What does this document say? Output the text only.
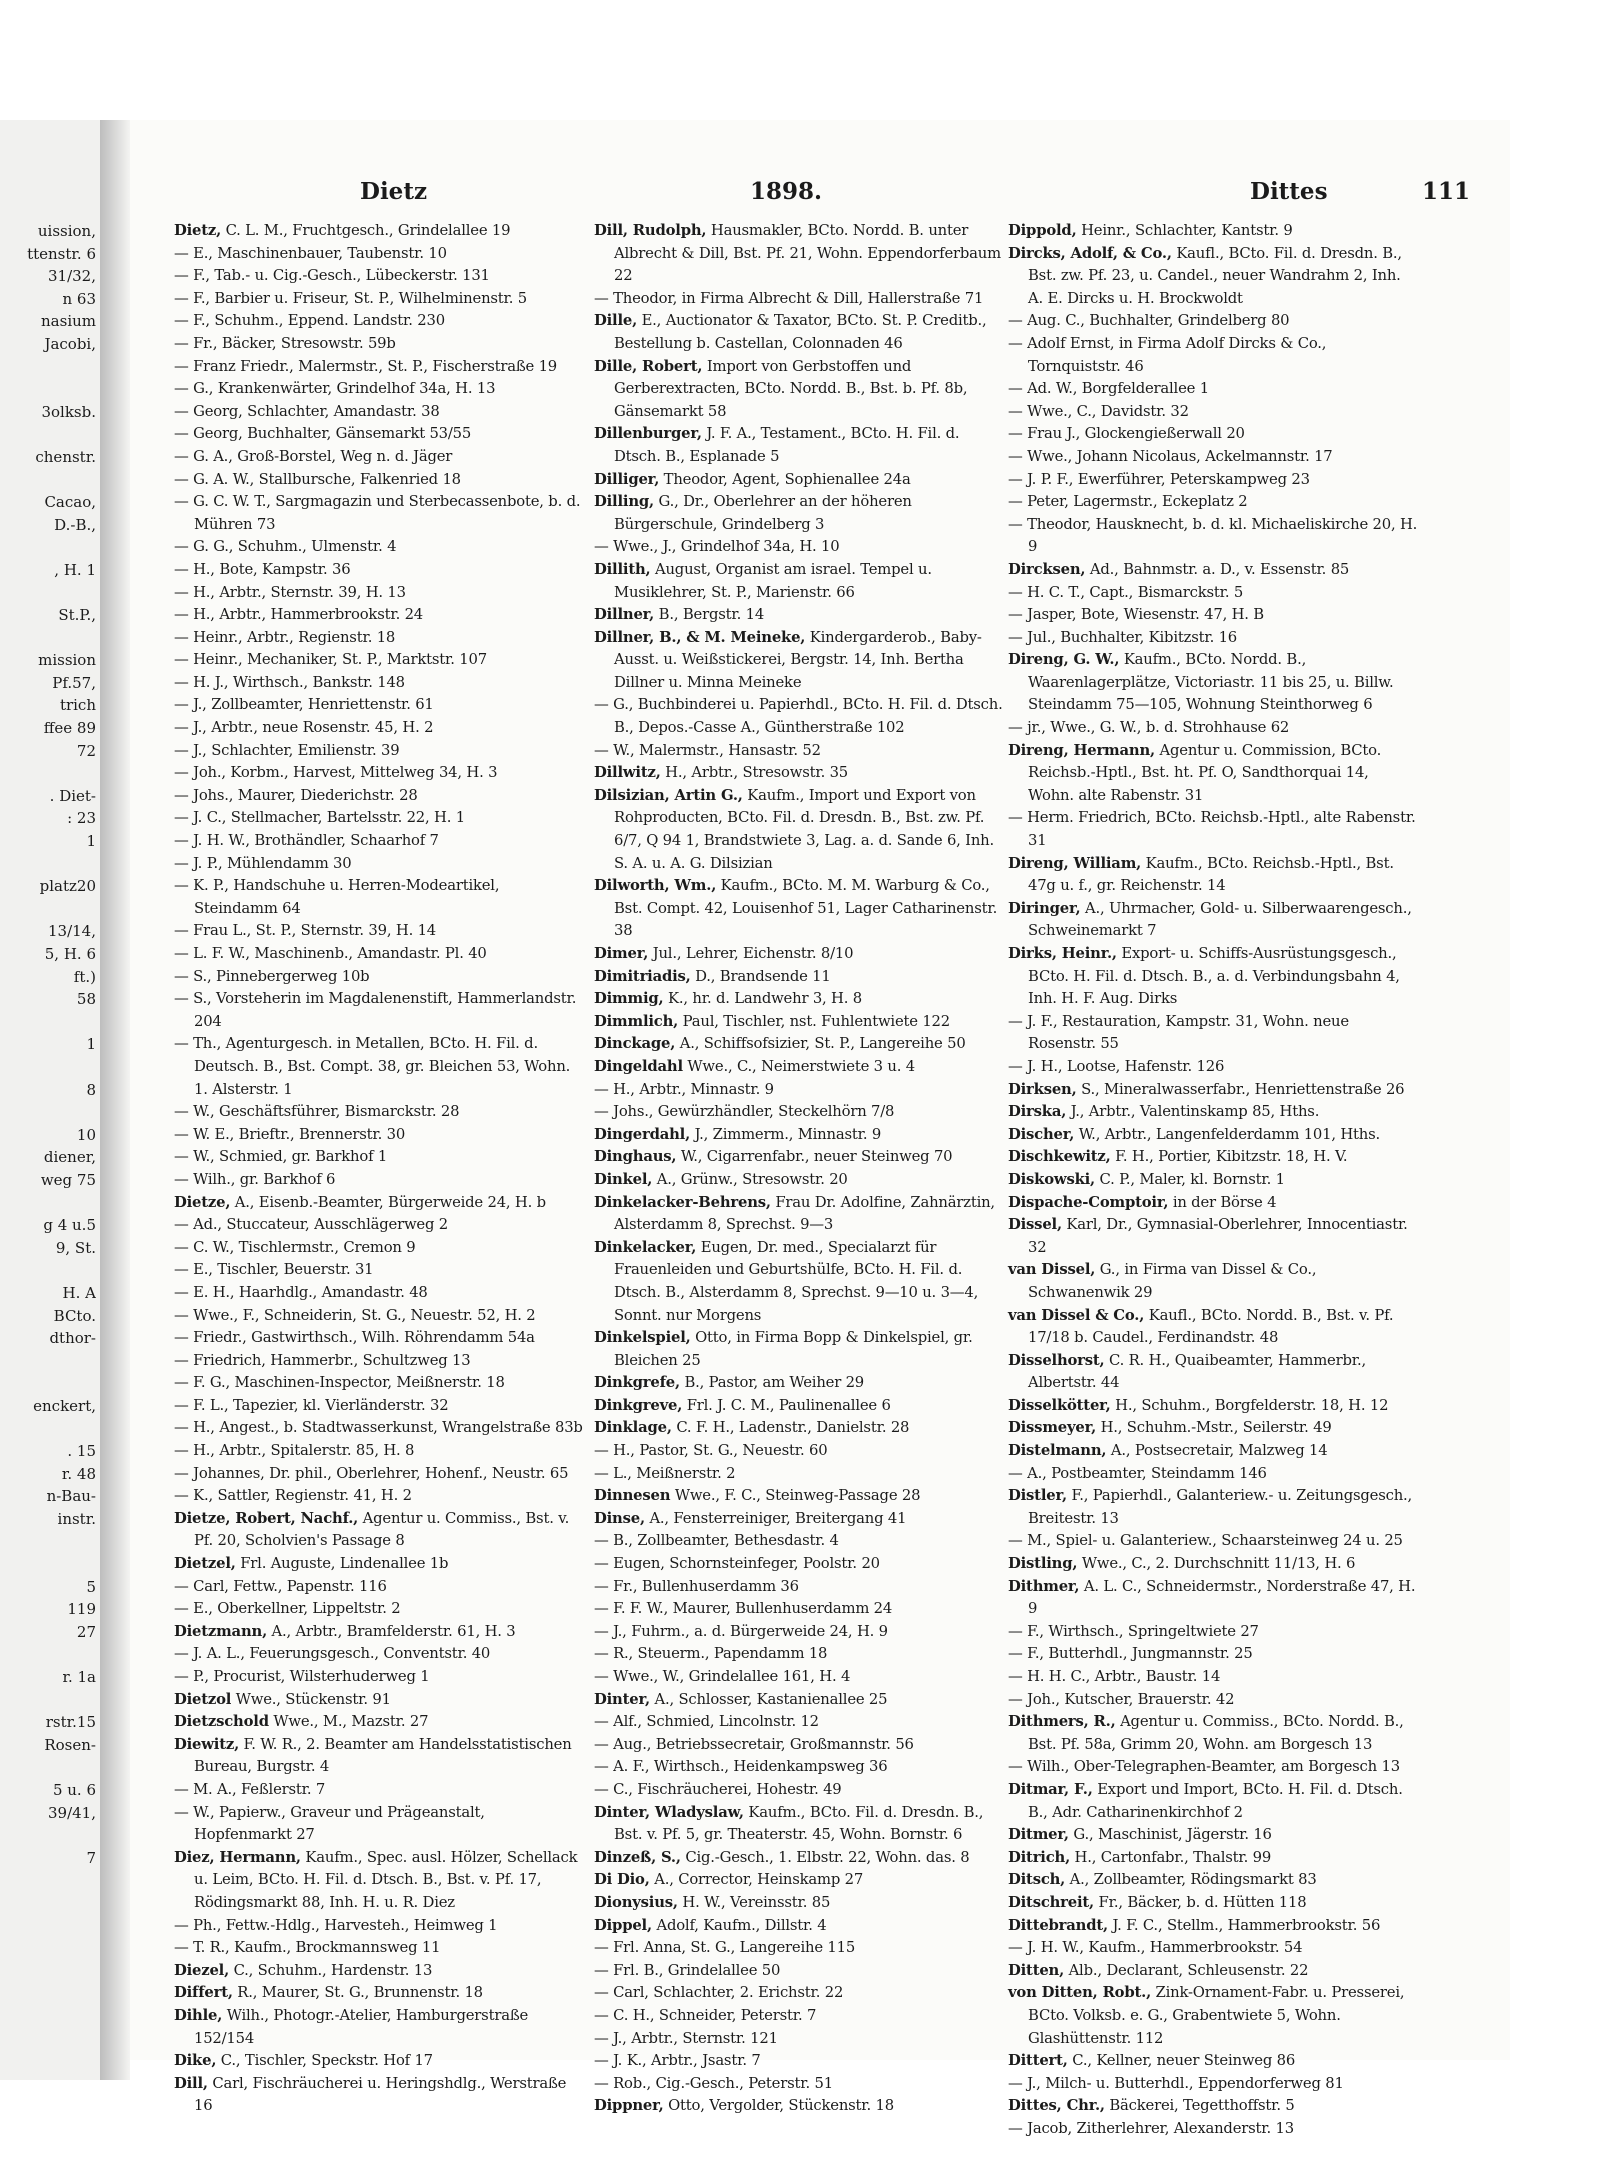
uission,
ttenstr. 6
31/32,
n 63
nasium
Jacobi,
3olksb.
chenstr.
Cacao,
D.-B.,
, H. 1
St.P.,
mission
Pf.57,
trich
ffee 89
72
. Diet-
: 23
1
platz20
13/14,
5, H. 6
ft.)
58
1
8
10
diener,
weg 75
g 4 u.5
9, St.
H. A
BCto.
dthor-
enckert,
. 15
r. 48
n-Bau-
instr.
5
119
27
r. 1a
rstr.15
Rosen-
5 u. 6
39/41,
7
Dietz	1898.	Dittes	111

Dietz, C. L. M., Fruchtgesch., Grindelallee 19

— E., Maschinenbauer, Taubenstr. 10

— F., Tab.- u. Cig.-Gesch., Lübeckerstr. 131

— F., Barbier u. Friseur, St. P., Wilhelminenstr. 5

— F., Schuhm., Eppend. Landstr. 230

— Fr., Bäcker, Stresowstr. 59b

— Franz Friedr., Malermstr., St. P., Fischerstraße 19

— G., Krankenwärter, Grindelhof 34a, H. 13

— Georg, Schlachter, Amandastr. 38

— Georg, Buchhalter, Gänsemarkt 53/55

— G. A., Groß-Borstel, Weg n. d. Jäger

— G. A. W., Stallbursche, Falkenried 18

— G. C. W. T., Sargmagazin und Sterbecassenbote, b. d. Mühren 73

— G. G., Schuhm., Ulmenstr. 4

— H., Bote, Kampstr. 36

— H., Arbtr., Sternstr. 39, H. 13

— H., Arbtr., Hammerbrookstr. 24

— Heinr., Arbtr., Regienstr. 18

— Heinr., Mechaniker, St. P., Marktstr. 107

— H. J., Wirthsch., Bankstr. 148

— J., Zollbeamter, Henriettenstr. 61

— J., Arbtr., neue Rosenstr. 45, H. 2

— J., Schlachter, Emilienstr. 39

— Joh., Korbm., Harvest, Mittelweg 34, H. 3

— Johs., Maurer, Diederichstr. 28

— J. C., Stellmacher, Bartelsstr. 22, H. 1

— J. H. W., Brothändler, Schaarhof 7

— J. P., Mühlendamm 30

— K. P., Handschuhe u. Herren-Modeartikel, Steindamm 64

— Frau L., St. P., Sternstr. 39, H. 14

— L. F. W., Maschinenb., Amandastr. Pl. 40

— S., Pinnebergerweg 10b

— S., Vorsteherin im Magdalenenstift, Hammerlandstr. 204

— Th., Agenturgesch. in Metallen, BCto. H. Fil. d. Deutsch. B., Bst. Compt. 38, gr. Bleichen 53, Wohn. 1. Alsterstr. 1

— W., Geschäftsführer, Bismarckstr. 28

— W. E., Brieftr., Brennerstr. 30

— W., Schmied, gr. Barkhof 1

— Wilh., gr. Barkhof 6

Dietze, A., Eisenb.-Beamter, Bürgerweide 24, H. b

— Ad., Stuccateur, Ausschlägerweg 2

— C. W., Tischlermstr., Cremon 9

— E., Tischler, Beuerstr. 31

— E. H., Haarhdlg., Amandastr. 48

— Wwe., F., Schneiderin, St. G., Neuestr. 52, H. 2

— Friedr., Gastwirthsch., Wilh. Röhrendamm 54a

— Friedrich, Hammerbr., Schultzweg 13

— F. G., Maschinen-Inspector, Meißnerstr. 18

— F. L., Tapezier, kl. Vierländerstr. 32

— H., Angest., b. Stadtwasserkunst, Wrangelstraße 83b

— H., Arbtr., Spitalerstr. 85, H. 8

— Johannes, Dr. phil., Oberlehrer, Hohenf., Neustr. 65

— K., Sattler, Regienstr. 41, H. 2

Dietze, Robert, Nachf., Agentur u. Commiss., Bst. v. Pf. 20, Scholvien's Passage 8

Dietzel, Frl. Auguste, Lindenallee 1b

— Carl, Fettw., Papenstr. 116

— E., Oberkellner, Lippeltstr. 2

Dietzmann, A., Arbtr., Bramfelderstr. 61, H. 3

— J. A. L., Feuerungsgesch., Conventstr. 40

— P., Procurist, Wilsterhuderweg 1

Dietzol Wwe., Stückenstr. 91

Dietzschold Wwe., M., Mazstr. 27

Diewitz, F. W. R., 2. Beamter am Handelsstatistischen Bureau, Burgstr. 4

— M. A., Feßlerstr. 7

— W., Papierw., Graveur und Prägeanstalt, Hopfenmarkt 27

Diez, Hermann, Kaufm., Spec. ausl. Hölzer, Schellack u. Leim, BCto. H. Fil. d. Dtsch. B., Bst. v. Pf. 17, Rödingsmarkt 88, Inh. H. u. R. Diez

— Ph., Fettw.-Hdlg., Harvesteh., Heimweg 1

— T. R., Kaufm., Brockmannsweg 11

Diezel, C., Schuhm., Hardenstr. 13

Differt, R., Maurer, St. G., Brunnenstr. 18

Dihle, Wilh., Photogr.-Atelier, Hamburgerstraße 152/154

Dike, C., Tischler, Speckstr. Hof 17

Dill, Carl, Fischräucherei u. Heringshdlg., Werstraße 16

Dill, Rudolph, Hausmakler, BCto. Nordd. B. unter Albrecht & Dill, Bst. Pf. 21, Wohn. Eppendorferbaum 22

— Theodor, in Firma Albrecht & Dill, Hallerstraße 71

Dille, E., Auctionator & Taxator, BCto. St. P. Creditb., Bestellung b. Castellan, Colonnaden 46

Dille, Robert, Import von Gerbstoffen und Gerberextracten, BCto. Nordd. B., Bst. b. Pf. 8b, Gänsemarkt 58

Dillenburger, J. F. A., Testament., BCto. H. Fil. d. Dtsch. B., Esplanade 5

Dilliger, Theodor, Agent, Sophienallee 24a

Dilling, G., Dr., Oberlehrer an der höheren Bürgerschule, Grindelberg 3

— Wwe., J., Grindelhof 34a, H. 10

Dillith, August, Organist am israel. Tempel u. Musiklehrer, St. P., Marienstr. 66

Dillner, B., Bergstr. 14

Dillner, B., & M. Meineke, Kindergarderob., Baby-Ausst. u. Weißstickerei, Bergstr. 14, Inh. Bertha Dillner u. Minna Meineke

— G., Buchbinderei u. Papierhdl., BCto. H. Fil. d. Dtsch. B., Depos.-Casse A., Güntherstraße 102

— W., Malermstr., Hansastr. 52

Dillwitz, H., Arbtr., Stresowstr. 35

Dilsizian, Artin G., Kaufm., Import und Export von Rohproducten, BCto. Fil. d. Dresdn. B., Bst. zw. Pf. 6/7, Q 94 1, Brandstwiete 3, Lag. a. d. Sande 6, Inh. S. A. u. A. G. Dilsizian

Dilworth, Wm., Kaufm., BCto. M. M. Warburg & Co., Bst. Compt. 42, Louisenhof 51, Lager Catharinenstr. 38

Dimer, Jul., Lehrer, Eichenstr. 8/10

Dimitriadis, D., Brandsende 11

Dimmig, K., hr. d. Landwehr 3, H. 8

Dimmlich, Paul, Tischler, nst. Fuhlentwiete 122

Dinckage, A., Schiffsofsizier, St. P., Langereihe 50

Dingeldahl Wwe., C., Neimerstwiete 3 u. 4

— H., Arbtr., Minnastr. 9

— Johs., Gewürzhändler, Steckelhörn 7/8

Dingerdahl, J., Zimmerm., Minnastr. 9

Dinghaus, W., Cigarrenfabr., neuer Steinweg 70

Dinkel, A., Grünw., Stresowstr. 20

Dinkelacker-Behrens, Frau Dr. Adolfine, Zahnärztin, Alsterdamm 8, Sprechst. 9—3

Dinkelacker, Eugen, Dr. med., Specialarzt für Frauenleiden und Geburtshülfe, BCto. H. Fil. d. Dtsch. B., Alsterdamm 8, Sprechst. 9—10 u. 3—4, Sonnt. nur Morgens

Dinkelspiel, Otto, in Firma Bopp & Dinkelspiel, gr. Bleichen 25

Dinkgrefe, B., Pastor, am Weiher 29

Dinkgreve, Frl. J. C. M., Paulinenallee 6

Dinklage, C. F. H., Ladenstr., Danielstr. 28

— H., Pastor, St. G., Neuestr. 60

— L., Meißnerstr. 2

Dinnesen Wwe., F. C., Steinweg-Passage 28

Dinse, A., Fensterreiniger, Breitergang 41

— B., Zollbeamter, Bethesdastr. 4

— Eugen, Schornsteinfeger, Poolstr. 20

— Fr., Bullenhuserdamm 36

— F. F. W., Maurer, Bullenhuserdamm 24

— J., Fuhrm., a. d. Bürgerweide 24, H. 9

— R., Steuerm., Papendamm 18

— Wwe., W., Grindelallee 161, H. 4

Dinter, A., Schlosser, Kastanienallee 25

— Alf., Schmied, Lincolnstr. 12

— Aug., Betriebssecretair, Großmannstr. 56

— A. F., Wirthsch., Heidenkampsweg 36

— C., Fischräucherei, Hohestr. 49

Dinter, Wladyslaw, Kaufm., BCto. Fil. d. Dresdn. B., Bst. v. Pf. 5, gr. Theaterstr. 45, Wohn. Bornstr. 6

Dinzeß, S., Cig.-Gesch., 1. Elbstr. 22, Wohn. das. 8

Di Dio, A., Corrector, Heinskamp 27

Dionysius, H. W., Vereinsstr. 85

Dippel, Adolf, Kaufm., Dillstr. 4

— Frl. Anna, St. G., Langereihe 115

— Frl. B., Grindelallee 50

— Carl, Schlachter, 2. Erichstr. 22

— C. H., Schneider, Peterstr. 7

— J., Arbtr., Sternstr. 121

— J. K., Arbtr., Jsastr. 7

— Rob., Cig.-Gesch., Peterstr. 51

Dippner, Otto, Vergolder, Stückenstr. 18

Dippold, Heinr., Schlachter, Kantstr. 9

Dircks, Adolf, & Co., Kaufl., BCto. Fil. d. Dresdn. B., Bst. zw. Pf. 23, u. Candel., neuer Wandrahm 2, Inh. A. E. Dircks u. H. Brockwoldt

— Aug. C., Buchhalter, Grindelberg 80

— Adolf Ernst, in Firma Adolf Dircks & Co., Tornquiststr. 46

— Ad. W., Borgfelderallee 1

— Wwe., C., Davidstr. 32

— Frau J., Glockengießerwall 20

— Wwe., Johann Nicolaus, Ackelmannstr. 17

— J. P. F., Ewerführer, Peterskampweg 23

— Peter, Lagermstr., Eckeplatz 2

— Theodor, Hausknecht, b. d. kl. Michaeliskirche 20, H. 9

Dircksen, Ad., Bahnmstr. a. D., v. Essenstr. 85

— H. C. T., Capt., Bismarckstr. 5

— Jasper, Bote, Wiesenstr. 47, H. B

— Jul., Buchhalter, Kibitzstr. 16

Direng, G. W., Kaufm., BCto. Nordd. B., Waarenlagerplätze, Victoriastr. 11 bis 25, u. Billw. Steindamm 75—105, Wohnung Steinthorweg 6

— jr., Wwe., G. W., b. d. Strohhause 62

Direng, Hermann, Agentur u. Commission, BCto. Reichsb.-Hptl., Bst. ht. Pf. O, Sandthorquai 14, Wohn. alte Rabenstr. 31

— Herm. Friedrich, BCto. Reichsb.-Hptl., alte Rabenstr. 31

Direng, William, Kaufm., BCto. Reichsb.-Hptl., Bst. 47g u. f., gr. Reichenstr. 14

Diringer, A., Uhrmacher, Gold- u. Silberwaarengesch., Schweinemarkt 7

Dirks, Heinr., Export- u. Schiffs-Ausrüstungsgesch., BCto. H. Fil. d. Dtsch. B., a. d. Verbindungsbahn 4, Inh. H. F. Aug. Dirks

— J. F., Restauration, Kampstr. 31, Wohn. neue Rosenstr. 55

— J. H., Lootse, Hafenstr. 126

Dirksen, S., Mineralwasserfabr., Henriettenstraße 26

Dirska, J., Arbtr., Valentinskamp 85, Hths.

Discher, W., Arbtr., Langenfelderdamm 101, Hths.

Dischkewitz, F. H., Portier, Kibitzstr. 18, H. V.

Diskowski, C. P., Maler, kl. Bornstr. 1

Dispache-Comptoir, in der Börse 4

Dissel, Karl, Dr., Gymnasial-Oberlehrer, Innocentiastr. 32

van Dissel, G., in Firma van Dissel & Co., Schwanenwik 29

van Dissel & Co., Kaufl., BCto. Nordd. B., Bst. v. Pf. 17/18 b. Caudel., Ferdinandstr. 48

Disselhorst, C. R. H., Quaibeamter, Hammerbr., Albertstr. 44

Disselkötter, H., Schuhm., Borgfelderstr. 18, H. 12

Dissmeyer, H., Schuhm.-Mstr., Seilerstr. 49

Distelmann, A., Postsecretair, Malzweg 14

— A., Postbeamter, Steindamm 146

Distler, F., Papierhdl., Galanteriew.- u. Zeitungsgesch., Breitestr. 13

— M., Spiel- u. Galanteriew., Schaarsteinweg 24 u. 25

Distling, Wwe., C., 2. Durchschnitt 11/13, H. 6

Dithmer, A. L. C., Schneidermstr., Norderstraße 47, H. 9

— F., Wirthsch., Springeltwiete 27

— F., Butterhdl., Jungmannstr. 25

— H. H. C., Arbtr., Baustr. 14

— Joh., Kutscher, Brauerstr. 42

Dithmers, R., Agentur u. Commiss., BCto. Nordd. B., Bst. Pf. 58a, Grimm 20, Wohn. am Borgesch 13

— Wilh., Ober-Telegraphen-Beamter, am Borgesch 13

Ditmar, F., Export und Import, BCto. H. Fil. d. Dtsch. B., Adr. Catharinenkirchhof 2

Ditmer, G., Maschinist, Jägerstr. 16

Ditrich, H., Cartonfabr., Thalstr. 99

Ditsch, A., Zollbeamter, Rödingsmarkt 83

Ditschreit, Fr., Bäcker, b. d. Hütten 118

Dittebrandt, J. F. C., Stellm., Hammerbrookstr. 56

— J. H. W., Kaufm., Hammerbrookstr. 54

Ditten, Alb., Declarant, Schleusenstr. 22

von Ditten, Robt., Zink-Ornament-Fabr. u. Presserei, BCto. Volksb. e. G., Grabentwiete 5, Wohn. Glashüttenstr. 112

Dittert, C., Kellner, neuer Steinweg 86

— J., Milch- u. Butterhdl., Eppendorferweg 81

Dittes, Chr., Bäckerei, Tegetthoffstr. 5

— Jacob, Zitherlehrer, Alexanderstr. 13
